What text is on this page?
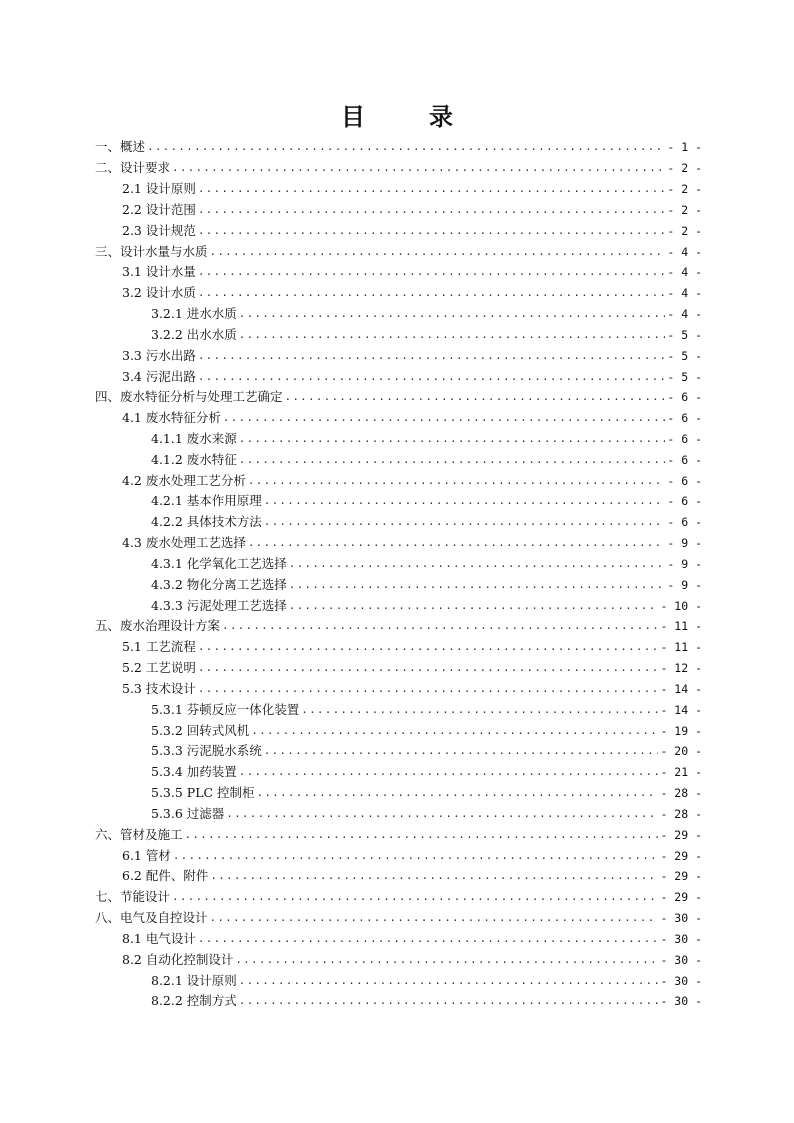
目　录
一、概述 .....	- 1 -
二、设计要求 .....	- 2 -
2.1 设计原则 .....	- 2 -
2.2 设计范围 .....	- 2 -
2.3 设计规范 .....	- 2 -
三、设计水量与水质 .....	- 4 -
3.1 设计水量 .....	- 4 -
3.2 设计水质 .....	- 4 -
3.2.1 进水水质 .....	- 4 -
3.2.2 出水水质 .....	- 5 -
3.3 污水出路 .....	- 5 -
3.4 污泥出路 .....	- 5 -
四、废水特征分析与处理工艺确定 .....	- 6 -
4.1 废水特征分析 .....	- 6 -
4.1.1 废水来源 .....	- 6 -
4.1.2 废水特征 .....	- 6 -
4.2 废水处理工艺分析 .....	- 6 -
4.2.1 基本作用原理 .....	- 6 -
4.2.2 具体技术方法 .....	- 6 -
4.3 废水处理工艺选择 .....	- 9 -
4.3.1 化学氧化工艺选择 .....	- 9 -
4.3.2 物化分离工艺选择 .....	- 9 -
4.3.3 污泥处理工艺选择 .....	- 10 -
五、废水治理设计方案 .....	- 11 -
5.1 工艺流程 .....	- 11 -
5.2 工艺说明 .....	- 12 -
5.3 技术设计 .....	- 14 -
5.3.1 芬顿反应一体化装置 .....	- 14 -
5.3.2 回转式风机 .....	- 19 -
5.3.3 污泥脱水系统 .....	- 20 -
5.3.4 加药装置 .....	- 21 -
5.3.5 PLC 控制柜 .....	- 28 -
5.3.6 过滤器 .....	- 28 -
六、管材及施工 .....	- 29 -
6.1 管材 .....	- 29 -
6.2 配件、附件 .....	- 29 -
七、节能设计 .....	- 29 -
八、电气及自控设计 .....	- 30 -
8.1 电气设计 .....	- 30 -
8.2 自动化控制设计 .....	- 30 -
8.2.1 设计原则 .....	- 30 -
8.2.2 控制方式 .....	- 30 -
